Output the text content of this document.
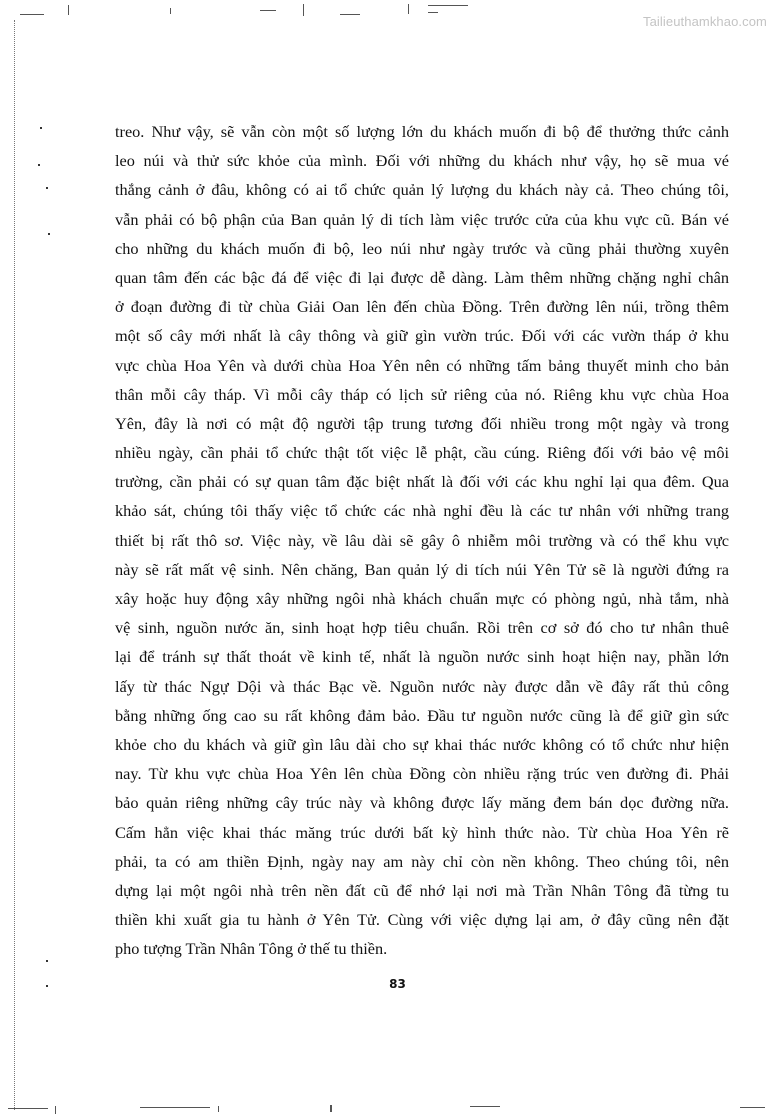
Tailieuthamkhao.com
treo. Như vậy, sẽ vẫn còn một số lượng lớn du khách muốn đi bộ để thưởng thức cảnh
leo núi và thử sức khỏe của mình. Đối với những du khách như vậy, họ sẽ mua vé
thắng cảnh ở đâu, không có ai tổ chức quản lý lượng du khách này cả. Theo chúng tôi,
vẫn phải có bộ phận của Ban quản lý di tích làm việc trước cửa của khu vực cũ. Bán vé
cho những du khách muốn đi bộ, leo núi như ngày trước và cũng phải thường xuyên
quan tâm đến các bậc đá để việc đi lại được dễ dàng. Làm thêm những chặng nghỉ chân
ở đoạn đường đi từ chùa Giải Oan lên đến chùa Đồng. Trên đường lên núi, trồng thêm
một số cây mới nhất là cây thông và giữ gìn vườn trúc. Đối với các vườn tháp ở khu
vực chùa Hoa Yên và dưới chùa Hoa Yên nên có những tấm bảng thuyết minh cho bản
thân mỗi cây tháp. Vì mỗi cây tháp có lịch sử riêng của nó. Riêng khu vực chùa Hoa
Yên, đây là nơi có mật độ người tập trung tương đối nhiều trong một ngày và trong
nhiều ngày, cần phải tổ chức thật tốt việc lễ phật, cầu cúng. Riêng đối với bảo vệ môi
trường, cần phải có sự quan tâm đặc biệt nhất là đối với các khu nghỉ lại qua đêm. Qua
khảo sát, chúng tôi thấy việc tổ chức các nhà nghỉ đều là các tư nhân với những trang
thiết bị rất thô sơ. Việc này, về lâu dài sẽ gây ô nhiễm môi trường và có thể khu vực
này sẽ rất mất vệ sinh. Nên chăng, Ban quản lý di tích núi Yên Tử sẽ là người đứng ra
xây hoặc huy động xây những ngôi nhà khách chuẩn mực có phòng ngủ, nhà tắm, nhà
vệ sinh, nguồn nước ăn, sinh hoạt hợp tiêu chuẩn. Rồi trên cơ sở đó cho tư nhân thuê
lại để tránh sự thất thoát về kinh tế, nhất là nguồn nước sinh hoạt hiện nay, phần lớn
lấy từ thác Ngự Dội và thác Bạc về. Nguồn nước này được dẫn về đây rất thủ công
bằng những ống cao su rất không đảm bảo. Đầu tư nguồn nước cũng là để giữ gìn sức
khỏe cho du khách và giữ gìn lâu dài cho sự khai thác nước không có tổ chức như hiện
nay. Từ khu vực chùa Hoa Yên lên chùa Đồng còn nhiều rặng trúc ven đường đi. Phải
bảo quản riêng những cây trúc này và không được lấy măng đem bán dọc đường nữa.
Cấm hẳn việc khai thác măng trúc dưới bất kỳ hình thức nào. Từ chùa Hoa Yên rẽ
phải, ta có am thiền Định, ngày nay am này chỉ còn nền không. Theo chúng tôi, nên
dựng lại một ngôi nhà trên nền đất cũ để nhớ lại nơi mà Trần Nhân Tông đã từng tu
thiền khi xuất gia tu hành ở Yên Tử. Cùng với việc dựng lại am, ở đây cũng nên đặt
pho tượng Trần Nhân Tông ở thế tu thiền.
83
